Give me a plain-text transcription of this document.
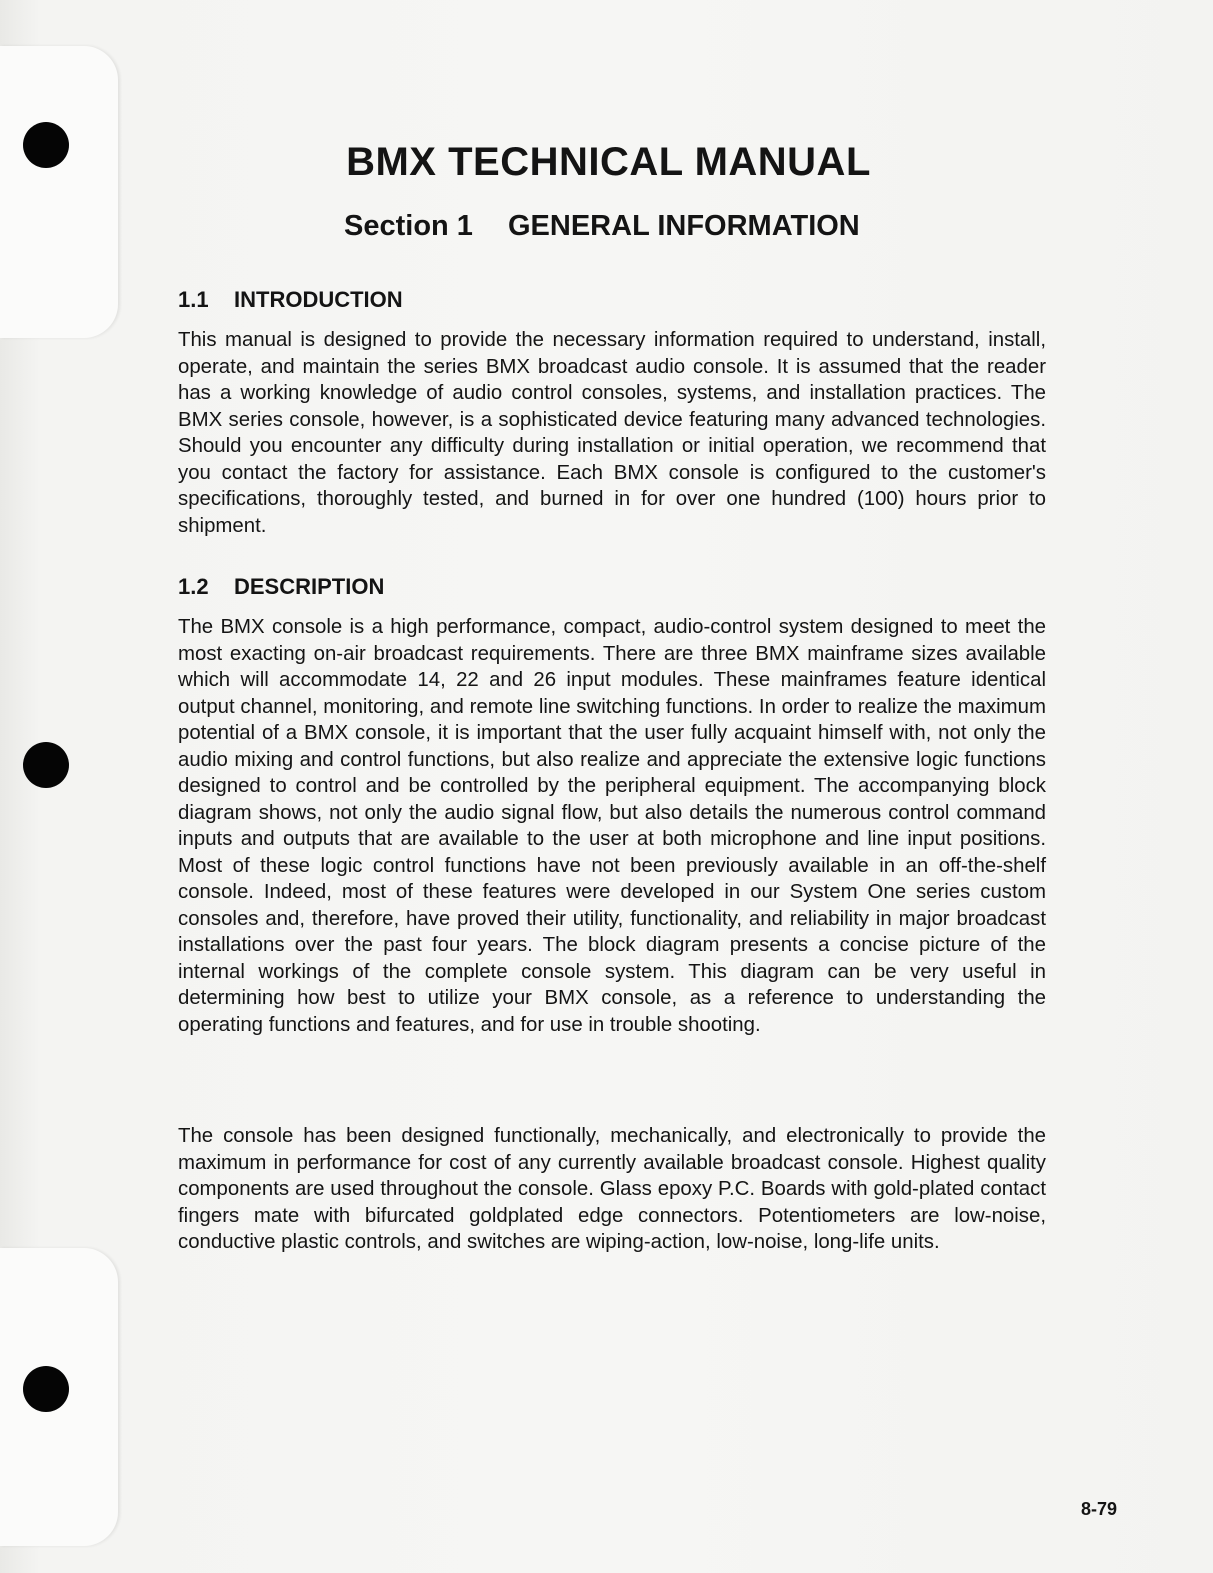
BMX TECHNICAL MANUAL
Section 1 GENERAL INFORMATION
1.1 INTRODUCTION

This manual is designed to provide the necessary information required to understand, install, operate, and maintain the series BMX broadcast audio console. It is assumed that the reader has a working knowledge of audio control consoles, systems, and installation practices. The BMX series console, however, is a sophisticated device featuring many advanced technologies. Should you encounter any difficulty during installation or initial operation, we recommend that you contact the factory for assistance. Each BMX console is configured to the customer's specifications, thoroughly tested, and burned in for over one hundred (100) hours prior to shipment.

1.2 DESCRIPTION

The BMX console is a high performance, compact, audio-control system designed to meet the most exacting on-air broadcast requirements. There are three BMX mainframe sizes available which will accommodate 14, 22 and 26 input modules. These mainframes feature identical output channel, monitoring, and remote line switching functions. In order to realize the maximum potential of a BMX console, it is important that the user fully acquaint himself with, not only the audio mixing and control functions, but also realize and appreciate the extensive logic functions designed to control and be controlled by the peripheral equipment. The accompanying block diagram shows, not only the audio signal flow, but also details the numerous control command inputs and outputs that are available to the user at both microphone and line input positions. Most of these logic control functions have not been previously available in an off-the-shelf console. Indeed, most of these features were developed in our System One series custom consoles and, therefore, have proved their utility, functionality, and reliability in major broadcast installations over the past four years. The block diagram presents a concise picture of the internal workings of the complete console system. This diagram can be very useful in determining how best to utilize your BMX console, as a reference to understanding the operating functions and features, and for use in trouble shooting.

The console has been designed functionally, mechanically, and electronically to provide the maximum in performance for cost of any currently available broadcast console. Highest quality components are used throughout the console. Glass epoxy P.C. Boards with gold-plated contact fingers mate with bifurcated goldplated edge connectors. Potentiometers are low-noise, conductive plastic controls, and switches are wiping-action, low-noise, long-life units.

8-79
